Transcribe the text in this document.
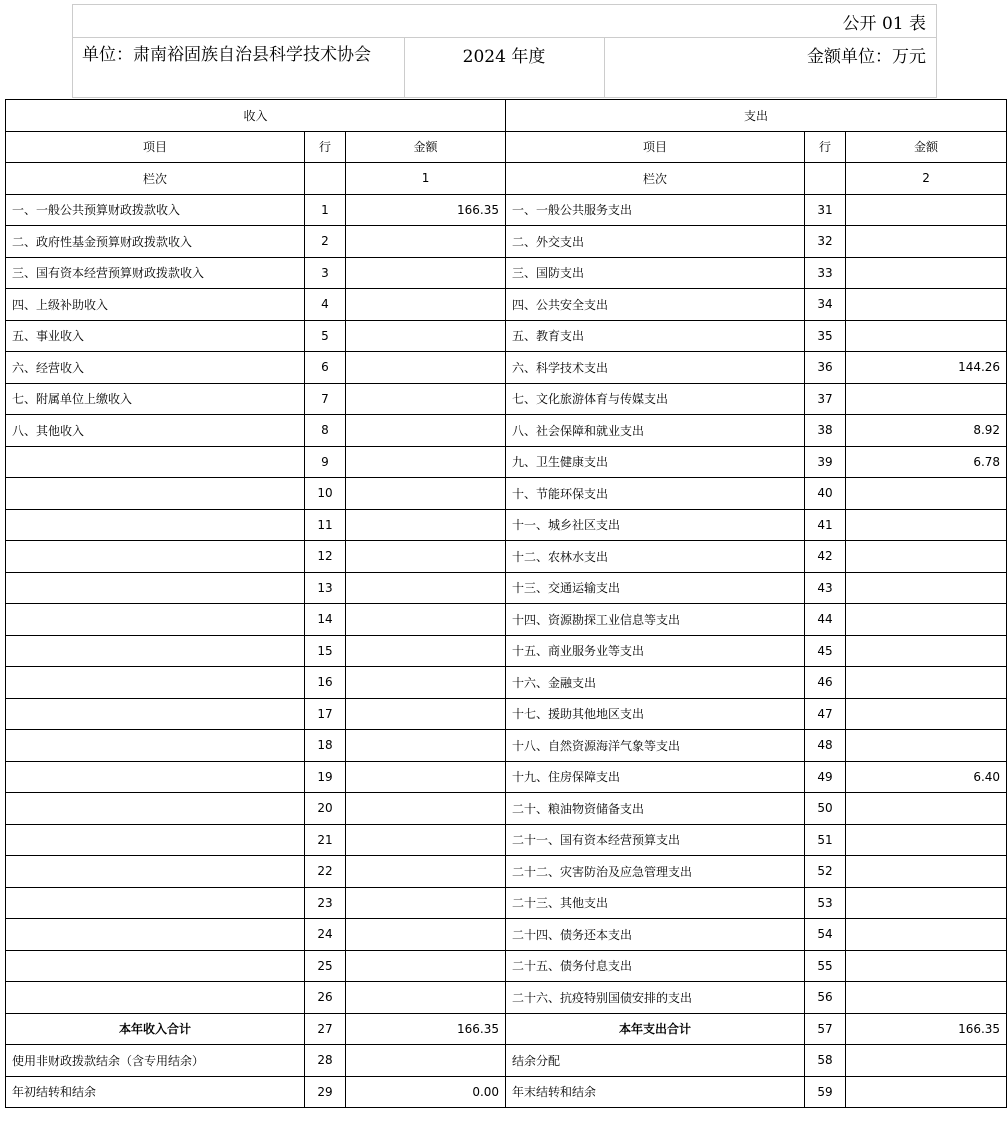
公开 01 表
单位：肃南裕固族自治县科学技术协会	2024 年度	金额单位：万元
收入			支出		
项目	行	金额	项目	行	金额
栏次		1	栏次		2
一、一般公共预算财政拨款收入	1	166.35	一、一般公共服务支出	31	
二、政府性基金预算财政拨款收入	2		二、外交支出	32	
三、国有资本经营预算财政拨款收入	3		三、国防支出	33	
四、上级补助收入	4		四、公共安全支出	34	
五、事业收入	5		五、教育支出	35	
六、经营收入	6		六、科学技术支出	36	144.26
七、附属单位上缴收入	7		七、文化旅游体育与传媒支出	37	
八、其他收入	8		八、社会保障和就业支出	38	8.92
	9		九、卫生健康支出	39	6.78
	10		十、节能环保支出	40	
	11		十一、城乡社区支出	41	
	12		十二、农林水支出	42	
	13		十三、交通运输支出	43	
	14		十四、资源勘探工业信息等支出	44	
	15		十五、商业服务业等支出	45	
	16		十六、金融支出	46	
	17		十七、援助其他地区支出	47	
	18		十八、自然资源海洋气象等支出	48	
	19		十九、住房保障支出	49	6.40
	20		二十、粮油物资储备支出	50	
	21		二十一、国有资本经营预算支出	51	
	22		二十二、灾害防治及应急管理支出	52	
	23		二十三、其他支出	53	
	24		二十四、债务还本支出	54	
	25		二十五、债务付息支出	55	
	26		二十六、抗疫特别国债安排的支出	56	
本年收入合计	27	166.35	本年支出合计	57	166.35
使用非财政拨款结余（含专用结余）	28		结余分配	58	
年初结转和结余	29	0.00	年末结转和结余	59	
